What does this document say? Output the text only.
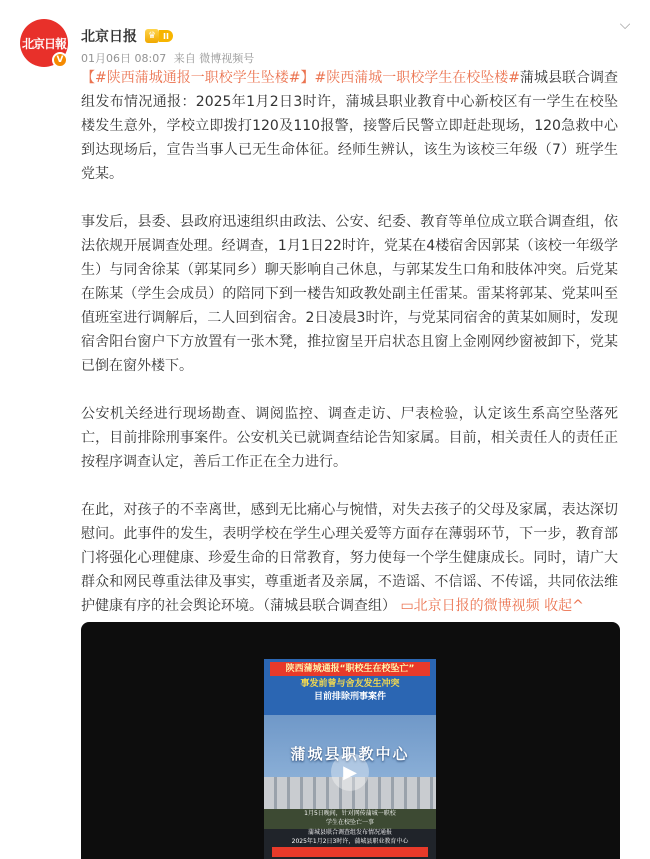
北京日報
V
北京日报	♛ II
01月06日 08:07 来自 微博视频号
⌵

【#陕西蒲城通报一职校学生坠楼#】#陕西蒲城一职校学生在校坠楼#蒲城县联合调查组发布情况通报：2025年1月2日3时许，蒲城县职业教育中心新校区有一学生在校坠楼发生意外，学校立即拨打120及110报警，接警后民警立即赶赴现场，120急救中心到达现场后，宣告当事人已无生命体征。经师生辨认，该生为该校三年级（7）班学生党某。

事发后，县委、县政府迅速组织由政法、公安、纪委、教育等单位成立联合调查组，依法依规开展调查处理。经调查，1月1日22时许，党某在4楼宿舍因郭某（该校一年级学生）与同舍徐某（郭某同乡）聊天影响自己休息，与郭某发生口角和肢体冲突。后党某在陈某（学生会成员）的陪同下到一楼告知政教处副主任雷某。雷某将郭某、党某叫至值班室进行调解后，二人回到宿舍。2日凌晨3时许，与党某同宿舍的黄某如厕时，发现宿舍阳台窗户下方放置有一张木凳，推拉窗呈开启状态且窗上金刚网纱窗被卸下，党某已倒在窗外楼下。

公安机关经进行现场勘查、调阅监控、调查走访、尸表检验，认定该生系高空坠落死亡，目前排除刑事案件。公安机关已就调查结论告知家属。目前，相关责任人的责任正按程序调查认定，善后工作正在全力进行。

在此，对孩子的不幸离世，感到无比痛心与惋惜，对失去孩子的父母及家属，表达深切慰问。此事件的发生，表明学校在学生心理关爱等方面存在薄弱环节，下一步，教育部门将强化心理健康、珍爱生命的日常教育，努力使每一个学生健康成长。同时，请广大群众和网民尊重法律及事实，尊重逝者及亲属，不造谣、不信谣、不传谣，共同依法维护健康有序的社会舆论环境。（蒲城县联合调查组） ▭北京日报的微博视频 收起^

陕西蒲城通报“职校生在校坠亡”
事发前曾与舍友发生冲突
目前排除刑事案件
蒲城县职教中心
1月5日晚间，针对网传蒲城一职校
学生在校坠亡一事
蒲城县联合调查组发布情况通报
2025年1月2日3时许，蒲城县职业教育中心
▶
